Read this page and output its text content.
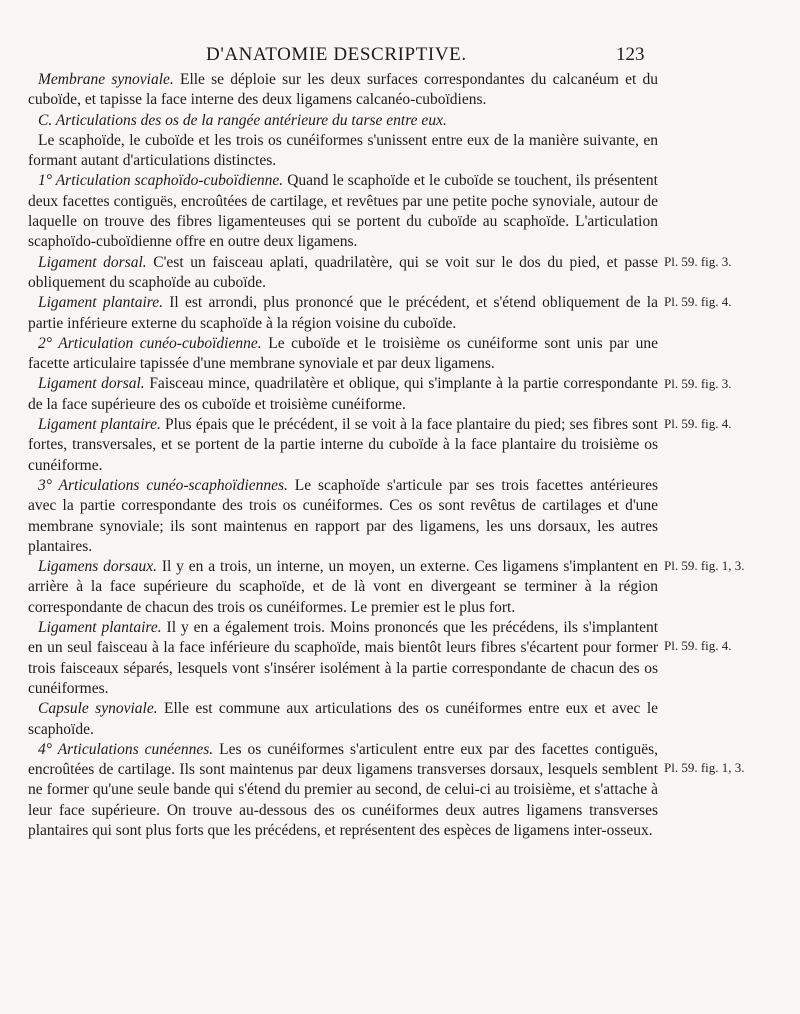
D'ANATOMIE DESCRIPTIVE.	123

Membrane synoviale. Elle se déploie sur les deux surfaces correspondantes du calcanéum et du cuboïde, et tapisse la face interne des deux ligamens calcanéo-cuboïdiens.

C. Articulations des os de la rangée antérieure du tarse entre eux.

Le scaphoïde, le cuboïde et les trois os cunéiformes s'unissent entre eux de la manière suivante, en formant autant d'articulations distinctes.

1° Articulation scaphoïdo-cuboïdienne. Quand le scaphoïde et le cuboïde se touchent, ils présentent deux facettes contiguës, encroûtées de cartilage, et revêtues par une petite poche synoviale, autour de laquelle on trouve des fibres ligamenteuses qui se portent du cuboïde au scaphoïde. L'articulation scaphoïdo-cuboïdienne offre en outre deux ligamens.

Ligament dorsal. C'est un faisceau aplati, quadrilatère, qui se voit sur le dos du pied, et passe obliquement du scaphoïde au cuboïde.

Ligament plantaire. Il est arrondi, plus prononcé que le précédent, et s'étend obliquement de la partie inférieure externe du scaphoïde à la région voisine du cuboïde.

2° Articulation cunéo-cuboïdienne. Le cuboïde et le troisième os cunéiforme sont unis par une facette articulaire tapissée d'une membrane synoviale et par deux ligamens.

Ligament dorsal. Faisceau mince, quadrilatère et oblique, qui s'implante à la partie correspondante de la face supérieure des os cuboïde et troisième cunéiforme.

Ligament plantaire. Plus épais que le précédent, il se voit à la face plantaire du pied; ses fibres sont fortes, transversales, et se portent de la partie interne du cuboïde à la face plantaire du troisième os cunéiforme.

3° Articulations cunéo-scaphoïdiennes. Le scaphoïde s'articule par ses trois facettes antérieures avec la partie correspondante des trois os cunéiformes. Ces os sont revêtus de cartilages et d'une membrane synoviale; ils sont maintenus en rapport par des ligamens, les uns dorsaux, les autres plantaires.

Ligamens dorsaux. Il y en a trois, un interne, un moyen, un externe. Ces ligamens s'implantent en arrière à la face supérieure du scaphoïde, et de là vont en divergeant se terminer à la région correspondante de chacun des trois os cunéiformes. Le premier est le plus fort.

Ligament plantaire. Il y en a également trois. Moins prononcés que les précédens, ils s'implantent en un seul faisceau à la face inférieure du scaphoïde, mais bientôt leurs fibres s'écartent pour former trois faisceaux séparés, lesquels vont s'insérer isolément à la partie correspondante de chacun des os cunéiformes.

Capsule synoviale. Elle est commune aux articulations des os cunéiformes entre eux et avec le scaphoïde.

4° Articulations cunéennes. Les os cunéiformes s'articulent entre eux par des facettes contiguës, encroûtées de cartilage. Ils sont maintenus par deux ligamens transverses dorsaux, lesquels semblent ne former qu'une seule bande qui s'étend du premier au second, de celui-ci au troisième, et s'attache à leur face supérieure. On trouve au-dessous des os cunéiformes deux autres ligamens transverses plantaires qui sont plus forts que les précédens, et représentent des espèces de ligamens inter-osseux.

Pl. 59. fig. 3.
Pl. 59. fig. 4.
Pl. 59. fig. 3.
Pl. 59. fig. 4.
Pl. 59. fig. 1, 3.
Pl. 59. fig. 4.
Pl. 59. fig. 1, 3.
